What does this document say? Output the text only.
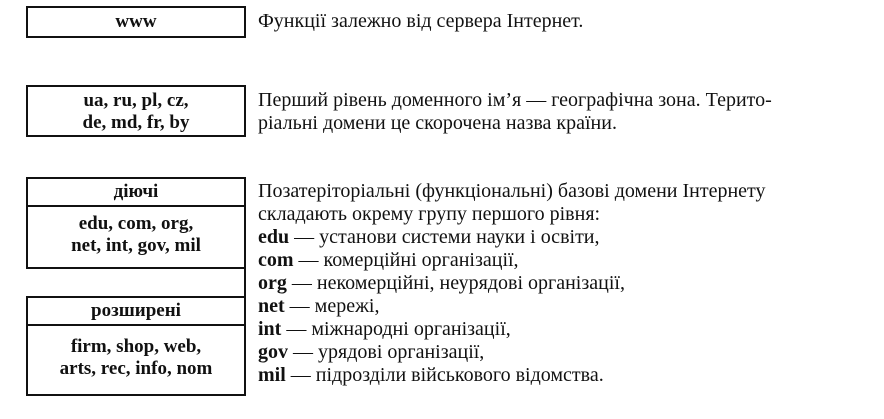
www	Функції залежно від сервера Інтернет.
ua, ru, pl, cz,
de, md, fr, by
Перший рівень доменного ім’я — географічна зона. Терито-
ріальні домени це скорочена назва країни.
діючі
edu, com, org,
net, int, gov, mil
розширені
firm, shop, web,
arts, rec, info, nom
Позатеріторіальні (функціональні) базові домени Інтернету
складають окрему групу першого рівня:
edu — установи системи науки і освіти,
com — комерційні організації,
org — некомерційні, неурядові організації,
net — мережі,
int — міжнародні організації,
gov — урядові організації,
mil — підрозділи військового відомства.
